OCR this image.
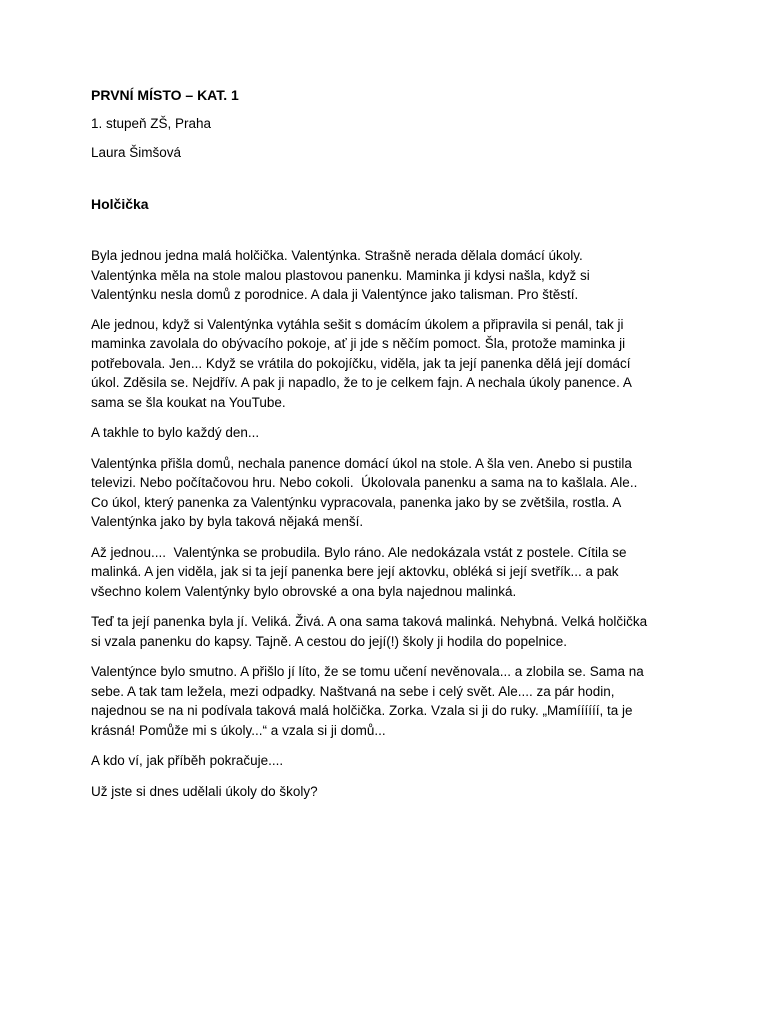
PRVNÍ MÍSTO – KAT. 1

1. stupeň ZŠ, Praha

Laura Šimšová

Holčička

Byla jednou jedna malá holčička. Valentýnka. Strašně nerada dělala domácí úkoly.
Valentýnka měla na stole malou plastovou panenku. Maminka ji kdysi našla, když si
Valentýnku nesla domů z porodnice. A dala ji Valentýnce jako talisman. Pro štěstí.

Ale jednou, když si Valentýnka vytáhla sešit s domácím úkolem a připravila si penál, tak ji
maminka zavolala do obývacího pokoje, ať ji jde s něčím pomoct. Šla, protože maminka ji
potřebovala. Jen... Když se vrátila do pokojíčku, viděla, jak ta její panenka dělá její domácí
úkol. Zděsila se. Nejdřív. A pak ji napadlo, že to je celkem fajn. A nechala úkoly panence. A
sama se šla koukat na YouTube.

A takhle to bylo každý den...

Valentýnka přišla domů, nechala panence domácí úkol na stole. A šla ven. Anebo si pustila
televizi. Nebo počítačovou hru. Nebo cokoli.  Úkolovala panenku a sama na to kašlala. Ale..
Co úkol, který panenka za Valentýnku vypracovala, panenka jako by se zvětšila, rostla. A
Valentýnka jako by byla taková nějaká menší.

Až jednou....  Valentýnka se probudila. Bylo ráno. Ale nedokázala vstát z postele. Cítila se
malinká. A jen viděla, jak si ta její panenka bere její aktovku, obléká si její svetřík... a pak
všechno kolem Valentýnky bylo obrovské a ona byla najednou malinká.

Teď ta její panenka byla jí. Veliká. Živá. A ona sama taková malinká. Nehybná. Velká holčička
si vzala panenku do kapsy. Tajně. A cestou do její(!) školy ji hodila do popelnice.

Valentýnce bylo smutno. A přišlo jí líto, že se tomu učení nevěnovala... a zlobila se. Sama na
sebe. A tak tam ležela, mezi odpadky. Naštvaná na sebe i celý svět. Ale.... za pár hodin,
najednou se na ni podívala taková malá holčička. Zorka. Vzala si ji do ruky. „Mamíííííí, ta je
krásná! Pomůže mi s úkoly...“ a vzala si ji domů...

A kdo ví, jak příběh pokračuje....

Už jste si dnes udělali úkoly do školy?
